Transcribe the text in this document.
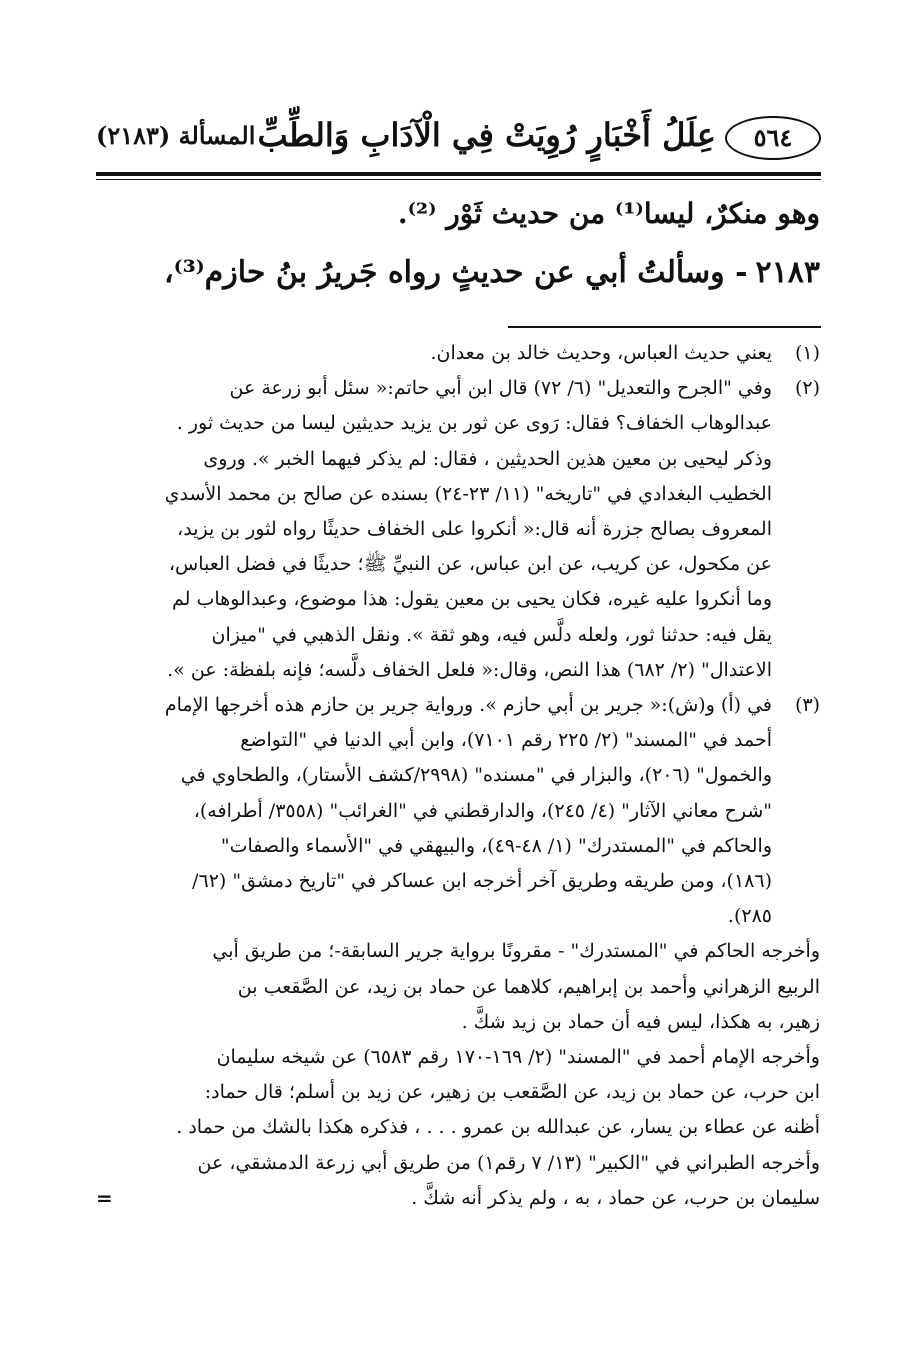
٥٦٤
عِلَلُ أَخْبَارٍ رُوِيَتْ فِي الْآدَابِ وَالطِّبِّ
المسألة (٢١٨٣)
وهو منكرٌ، ليسا⁽¹⁾ من حديث ثَوْر ⁽²⁾.
٢١٨٣- وسألتُ أبي عن حديثٍ رواه جَريرُ بنُ حازم⁽³⁾،
(١)
يعني حديث العباس، وحديث خالد بن معدان.
(٢)
وفي "الجرح والتعديل" (٦/ ٧٢) قال ابن أبي حاتم:« سئل أبو زرعة عن
عبدالوهاب الخفاف؟ فقال: رَوى عن ثور بن يزيد حديثين ليسا من حديث ثور .
وذكر ليحيى بن معين هذين الحديثين ، فقال: لم يذكر فيهما الخبر ». وروى
الخطيب البغدادي في "تاريخه" (١١/ ٢٣-٢٤) بسنده عن صالح بن محمد الأسدي
المعروف بصالح جزرة أنه قال:« أنكروا على الخفاف حديثًا رواه لثور بن يزيد،
عن مكحول، عن كريب، عن ابن عباس، عن النبيِّ ﷺ؛ حديثًا في فضل العباس،
وما أنكروا عليه غيره، فكان يحيى بن معين يقول: هذا موضوع، وعبدالوهاب لم
يقل فيه: حدثنا ثور، ولعله دلَّس فيه، وهو ثقة ». ونقل الذهبي في "ميزان
الاعتدال" (٢/ ٦٨٢) هذا النص، وقال:« فلعل الخفاف دلَّسه؛ فإنه بلفظة: عن ».
(٣)
في (أ) و(ش):« جرير بن أبي حازم ». ورواية جرير بن حازم هذه أخرجها الإمام
أحمد في "المسند" (٢/ ٢٢٥ رقم ٧١٠١)، وابن أبي الدنيا في "التواضع
والخمول" (٢٠٦)، والبزار في "مسنده" (٢٩٩٨/كشف الأستار)، والطحاوي في
"شرح معاني الآثار" (٤/ ٢٤٥)، والدارقطني في "الغرائب" (٣٥٥٨/ أطرافه)،
والحاكم في "المستدرك" (١/ ٤٨-٤٩)، والبيهقي في "الأسماء والصفات"
(١٨٦)، ومن طريقه وطريق آخر أخرجه ابن عساكر في "تاريخ دمشق" (٦٢/
٢٨٥).
وأخرجه الحاكم في "المستدرك" - مقرونًا برواية جرير السابقة-؛ من طريق أبي
الربيع الزهراني وأحمد بن إبراهيم، كلاهما عن حماد بن زيد، عن الصَّقعب بن
زهير، به هكذا، ليس فيه أن حماد بن زيد شكَّ .
وأخرجه الإمام أحمد في "المسند" (٢/ ١٦٩-١٧٠ رقم ٦٥٨٣) عن شيخه سليمان
ابن حرب، عن حماد بن زيد، عن الصَّقعب بن زهير، عن زيد بن أسلم؛ قال حماد:
أظنه عن عطاء بن يسار، عن عبدالله بن عمرو . . . ، فذكره هكذا بالشك من حماد .
وأخرجه الطبراني في "الكبير" (١٣/ ٧ رقم١) من طريق أبي زرعة الدمشقي، عن
سليمان بن حرب، عن حماد ، به ، ولم يذكر أنه شكَّ .
=
